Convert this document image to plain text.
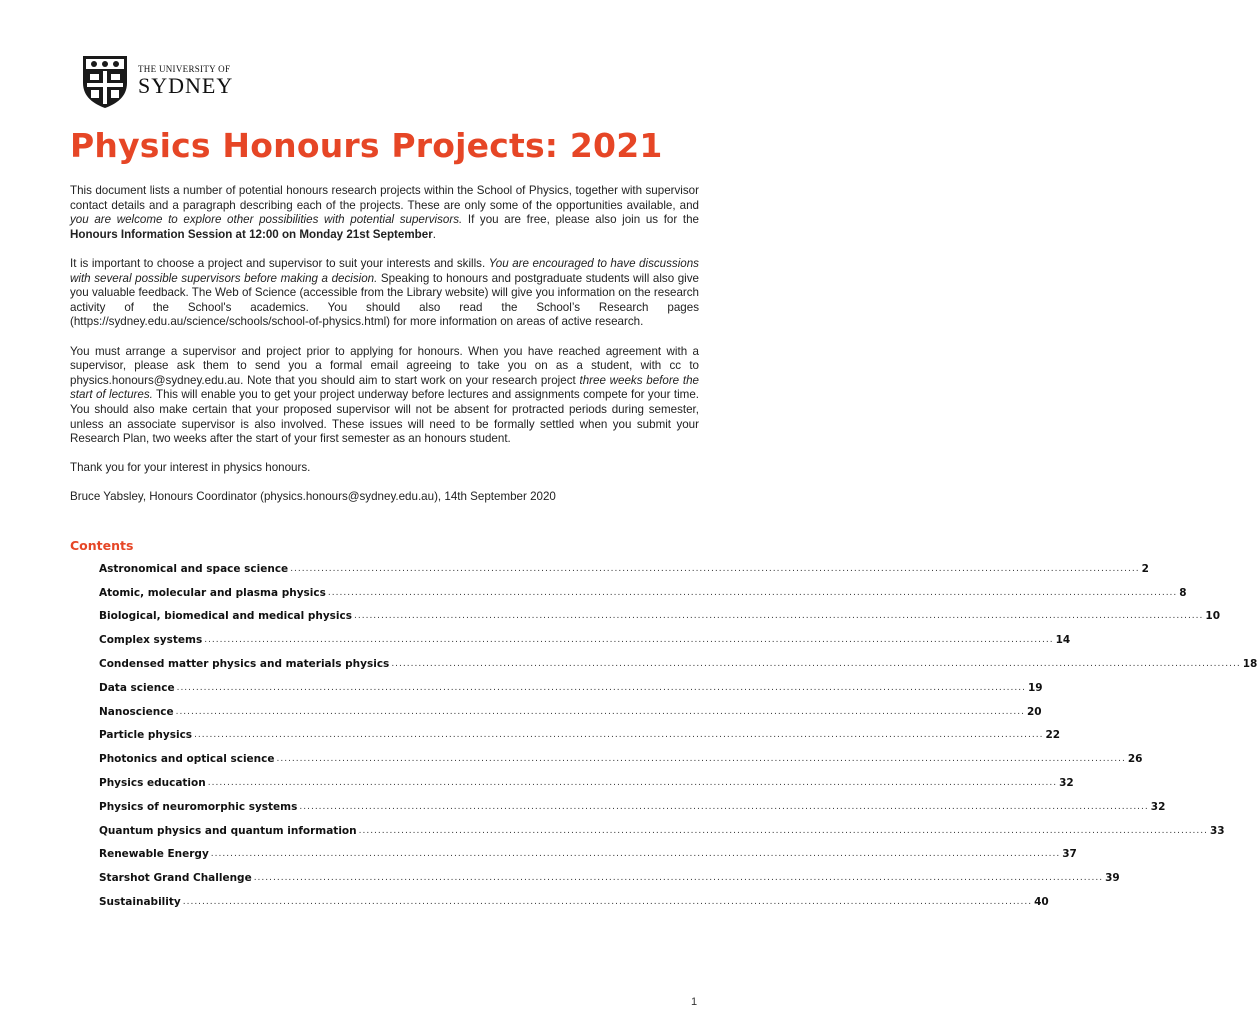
THE UNIVERSITY OF
SYDNEY
Physics Honours Projects: 2021

This document lists a number of potential honours research projects within the School of Physics, together with supervisor contact details and a paragraph describing each of the projects. These are only some of the opportunities available, and you are welcome to explore other possibilities with potential supervisors. If you are free, please also join us for the Honours Information Session at 12:00 on Monday 21st September.

It is important to choose a project and supervisor to suit your interests and skills. You are encouraged to have discussions with several possible supervisors before making a decision. Speaking to honours and postgraduate students will also give you valuable feedback. The Web of Science (accessible from the Library website) will give you information on the research activity of the School's academics. You should also read the School’s Research pages (https://sydney.edu.au/science/schools/school-of-physics.html) for more information on areas of active research.

You must arrange a supervisor and project prior to applying for honours. When you have reached agreement with a supervisor, please ask them to send you a formal email agreeing to take you on as a student, with cc to physics.honours@sydney.edu.au. Note that you should aim to start work on your research project three weeks before the start of lectures. This will enable you to get your project underway before lectures and assignments compete for your time. You should also make certain that your proposed supervisor will not be absent for protracted periods during semester, unless an associate supervisor is also involved. These issues will need to be formally settled when you submit your Research Plan, two weeks after the start of your first semester as an honours student.

Thank you for your interest in physics honours.

Bruce Yabsley, Honours Coordinator (physics.honours@sydney.edu.au), 14th September 2020

Contents
Astronomical and space science ............................................................................................................................................................................................................................ 2
Atomic, molecular and plasma physics ............................................................................................................................................................................................................................ 8
Biological, biomedical and medical physics ............................................................................................................................................................................................................................ 10
Complex systems ............................................................................................................................................................................................................................ 14
Condensed matter physics and materials physics ............................................................................................................................................................................................................................ 18
Data science ............................................................................................................................................................................................................................ 19
Nanoscience ............................................................................................................................................................................................................................ 20
Particle physics ............................................................................................................................................................................................................................ 22
Photonics and optical science ............................................................................................................................................................................................................................ 26
Physics education ............................................................................................................................................................................................................................ 32
Physics of neuromorphic systems ............................................................................................................................................................................................................................ 32
Quantum physics and quantum information ............................................................................................................................................................................................................................ 33
Renewable Energy ............................................................................................................................................................................................................................ 37
Starshot Grand Challenge ............................................................................................................................................................................................................................ 39
Sustainability ............................................................................................................................................................................................................................ 40
1
